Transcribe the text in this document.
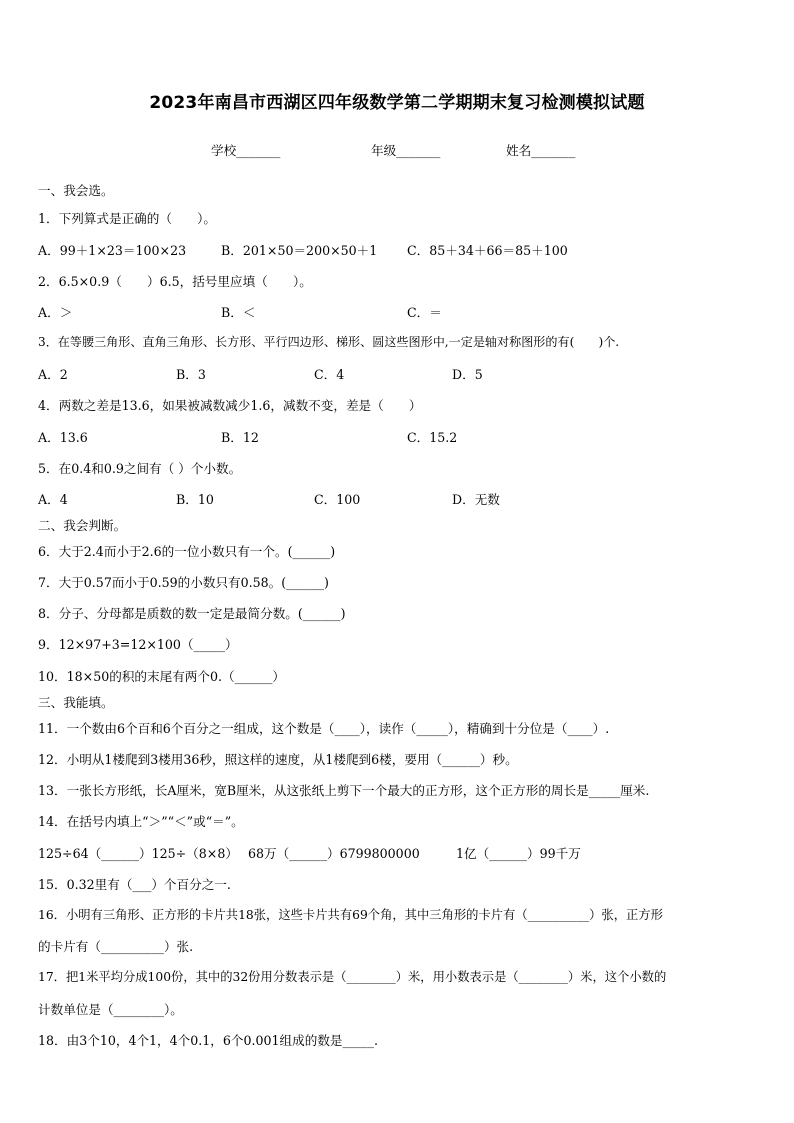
2023年南昌市西湖区四年级数学第二学期期末复习检测模拟试题
学校_______	年级_______	姓名_______
一、我会选。
1．下列算式是正确的（　　）。
A．99＋1×23＝100×23	B．201×50＝200×50＋1 C．85＋34＋66＝85＋100
2．6.5×0.9（　　）6.5，括号里应填（　　）。
A．＞	B．＜	C．＝
3．在等腰三角形、直角三角形、长方形、平行四边形、梯形、圆这些图形中,一定是轴对称图形的有(　　)个.
A．2	B．3	C．4	D．5
4．两数之差是13.6，如果被减数减少1.6，减数不变，差是（　　）
A．13.6	B．12	C．15.2
5．在0.4和0.9之间有（ ）个小数。
A．4	B．10	C．100	D．无数
二、我会判断。
6．大于2.4而小于2.6的一位小数只有一个。(______)
7．大于0.57而小于0.59的小数只有0.58。(______)
8．分子、分母都是质数的数一定是最简分数。(______)
9．12×97+3=12×100（_____）
10．18×50的积的末尾有两个0.（______）
三、我能填。
11．一个数由6个百和6个百分之一组成，这个数是（____），读作（_____），精确到十分位是（____）.
12．小明从1楼爬到3楼用36秒，照这样的速度，从1楼爬到6楼，要用（______）秒。
13．一张长方形纸，长A厘米，宽B厘米，从这张纸上剪下一个最大的正方形，这个正方形的周长是_____厘米.
14．在括号内填上“＞”“＜”或“＝”。
125÷64（______）125÷（8×8） 68万（______）6799800000	1亿（______）99千万
15．0.32里有（___）个百分之一.
16．小明有三角形、正方形的卡片共18张，这些卡片共有69个角，其中三角形的卡片有（__________）张，正方形
的卡片有（__________）张.
17．把1米平均分成100份，其中的32份用分数表示是（________）米，用小数表示是（________）米，这个小数的
计数单位是（________）。
18．由3个10，4个1，4个0.1，6个0.001组成的数是_____.
